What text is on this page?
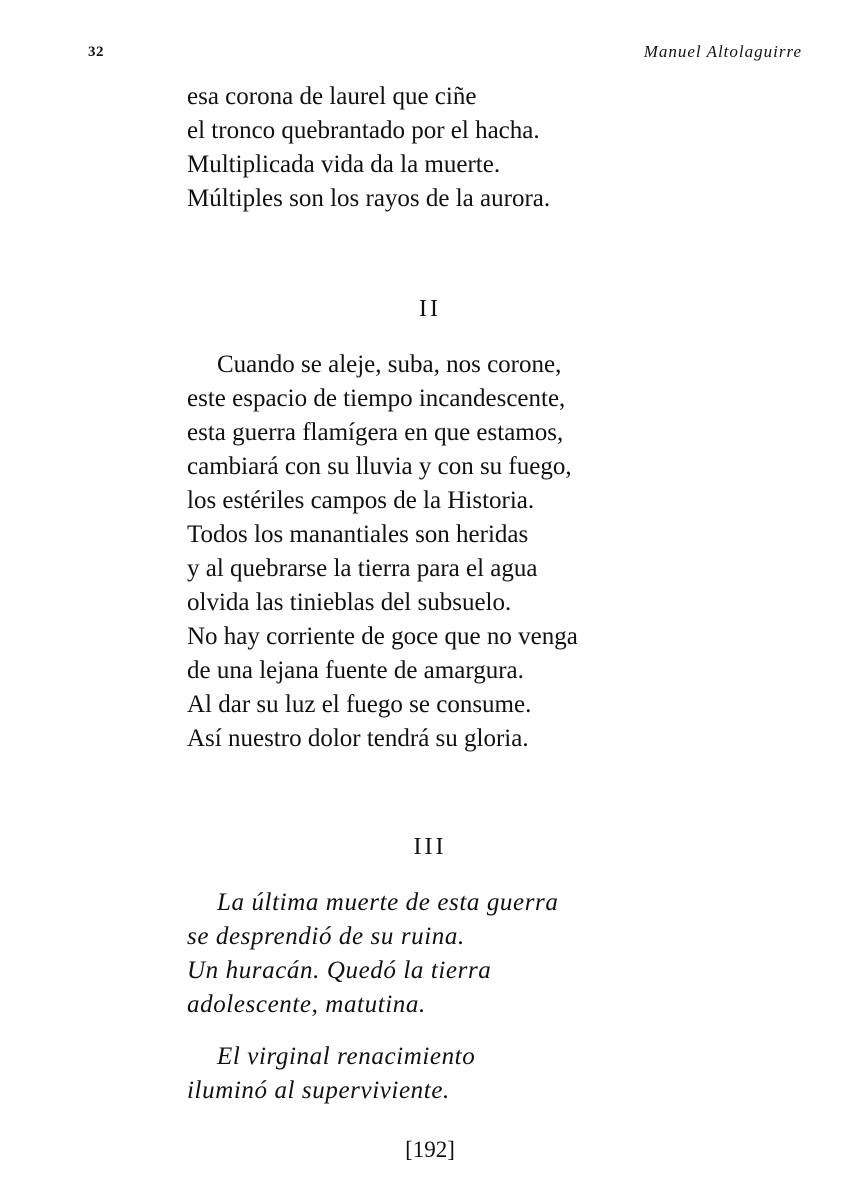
32	Manuel Altolaguirre
esa corona de laurel que ciñe
el tronco quebrantado por el hacha.
Multiplicada vida da la muerte.
Múltiples son los rayos de la aurora.
II
Cuando se aleje, suba, nos corone,
este espacio de tiempo incandescente,
esta guerra flamígera en que estamos,
cambiará con su lluvia y con su fuego,
los estériles campos de la Historia.
Todos los manantiales son heridas
y al quebrarse la tierra para el agua
olvida las tinieblas del subsuelo.
No hay corriente de goce que no venga
de una lejana fuente de amargura.
Al dar su luz el fuego se consume.
Así nuestro dolor tendrá su gloria.
III
La última muerte de esta guerra
se desprendió de su ruina.
Un huracán. Quedó la tierra
adolescente, matutina.
El virginal renacimiento
iluminó al superviviente.
[192]
